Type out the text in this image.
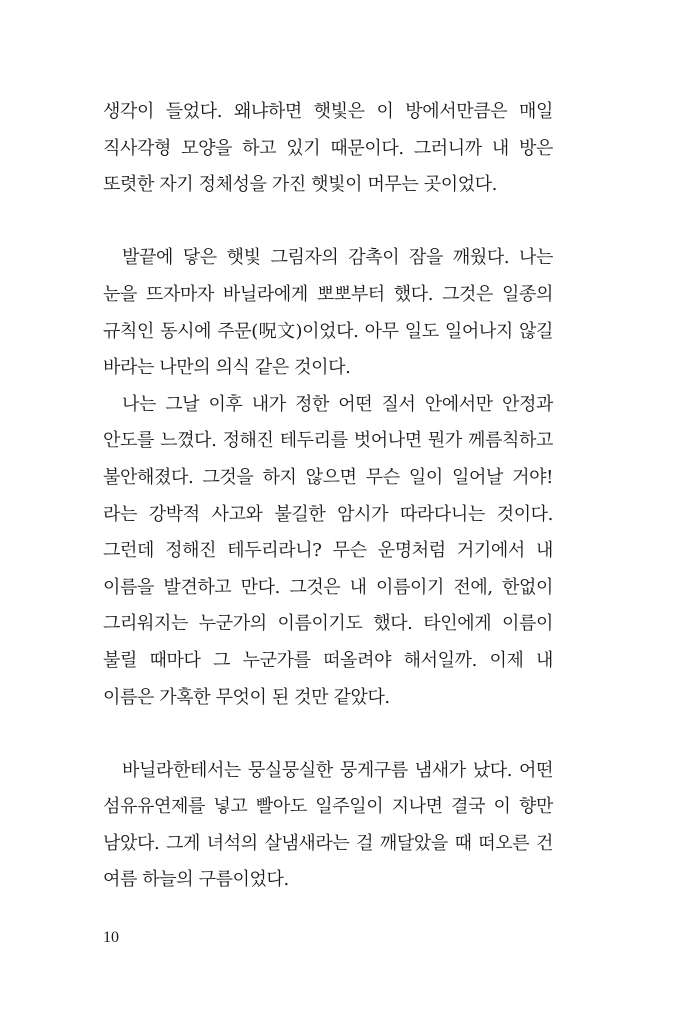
생각이 들었다. 왜냐하면 햇빛은 이 방에서만큼은 매일 직사각형 모양을 하고 있기 때문이다. 그러니까 내 방은 또렷한 자기 정체성을 가진 햇빛이 머무는 곳이었다.

발끝에 닿은 햇빛 그림자의 감촉이 잠을 깨웠다. 나는 눈을 뜨자마자 바닐라에게 뽀뽀부터 했다. 그것은 일종의 규칙인 동시에 주문(呪文)이었다. 아무 일도 일어나지 않길 바라는 나만의 의식 같은 것이다.

나는 그날 이후 내가 정한 어떤 질서 안에서만 안정과 안도를 느꼈다. 정해진 테두리를 벗어나면 뭔가 께름칙하고 불안해졌다. 그것을 하지 않으면 무슨 일이 일어날 거야! 라는 강박적 사고와 불길한 암시가 따라다니는 것이다. 그런데 정해진 테두리라니? 무슨 운명처럼 거기에서 내 이름을 발견하고 만다. 그것은 내 이름이기 전에, 한없이 그리워지는 누군가의 이름이기도 했다. 타인에게 이름이 불릴 때마다 그 누군가를 떠올려야 해서일까. 이제 내 이름은 가혹한 무엇이 된 것만 같았다.

바닐라한테서는 뭉실뭉실한 뭉게구름 냄새가 났다. 어떤 섬유유연제를 넣고 빨아도 일주일이 지나면 결국 이 향만 남았다. 그게 녀석의 살냄새라는 걸 깨달았을 때 떠오른 건 여름 하늘의 구름이었다.

10
